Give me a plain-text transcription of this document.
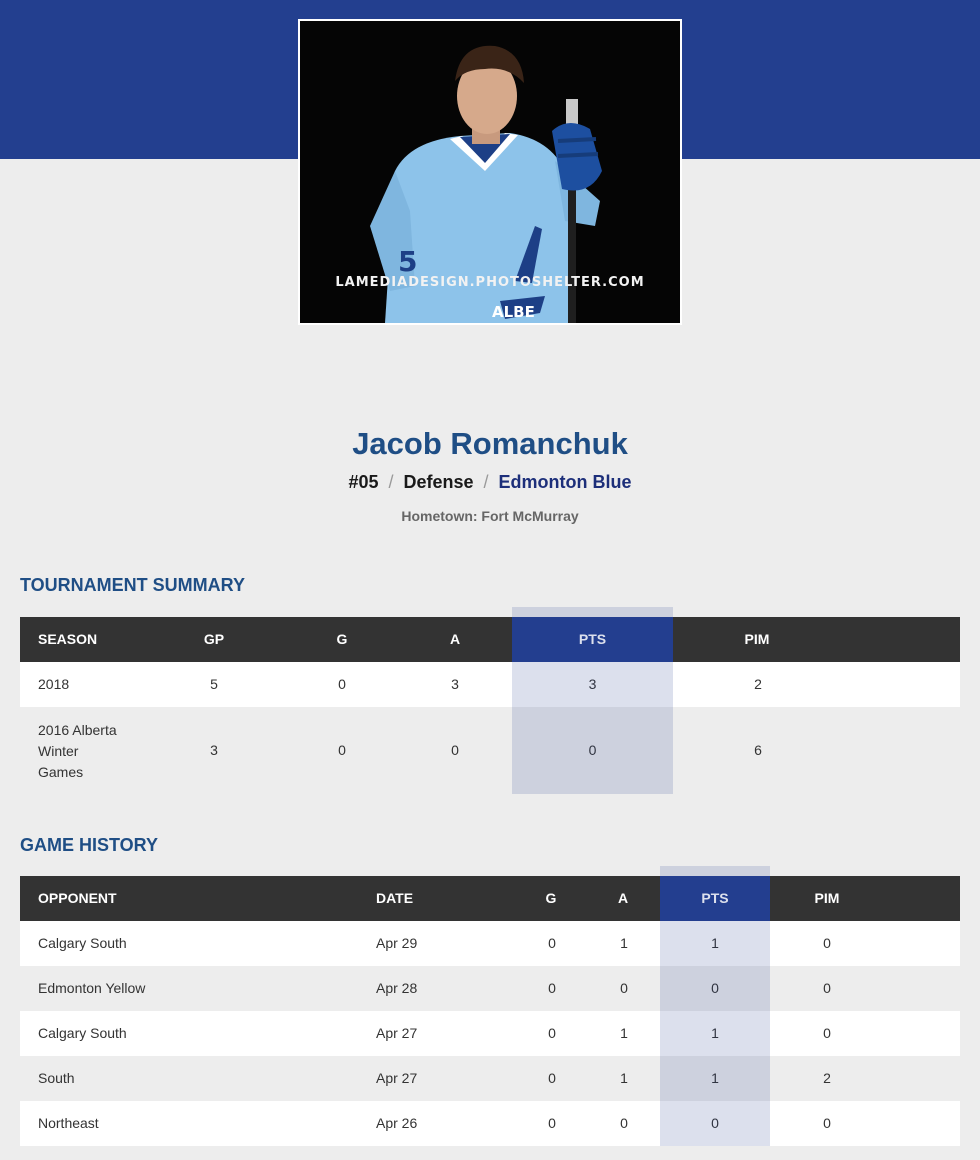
5
ALBE
LAMEDIADESIGN.PHOTOSHELTER.COM
Jacob Romanchuk
#05 / Defense / Edmonton Blue
Hometown: Fort McMurray
TOURNAMENT SUMMARY
SEASON	GP	G	A	PTS	PIM
2018	5	0	3	3	2
2016 Alberta
Winter
Games
3	0	0	0	6
GAME HISTORY
OPPONENT	DATE	G	A	PTS	PIM
Calgary South	Apr 29	0	1	1	0
Edmonton Yellow	Apr 28	0	0	0	0
Calgary South	Apr 27	0	1	1	0
South	Apr 27	0	1	1	2
Northeast	Apr 26	0	0	0	0
